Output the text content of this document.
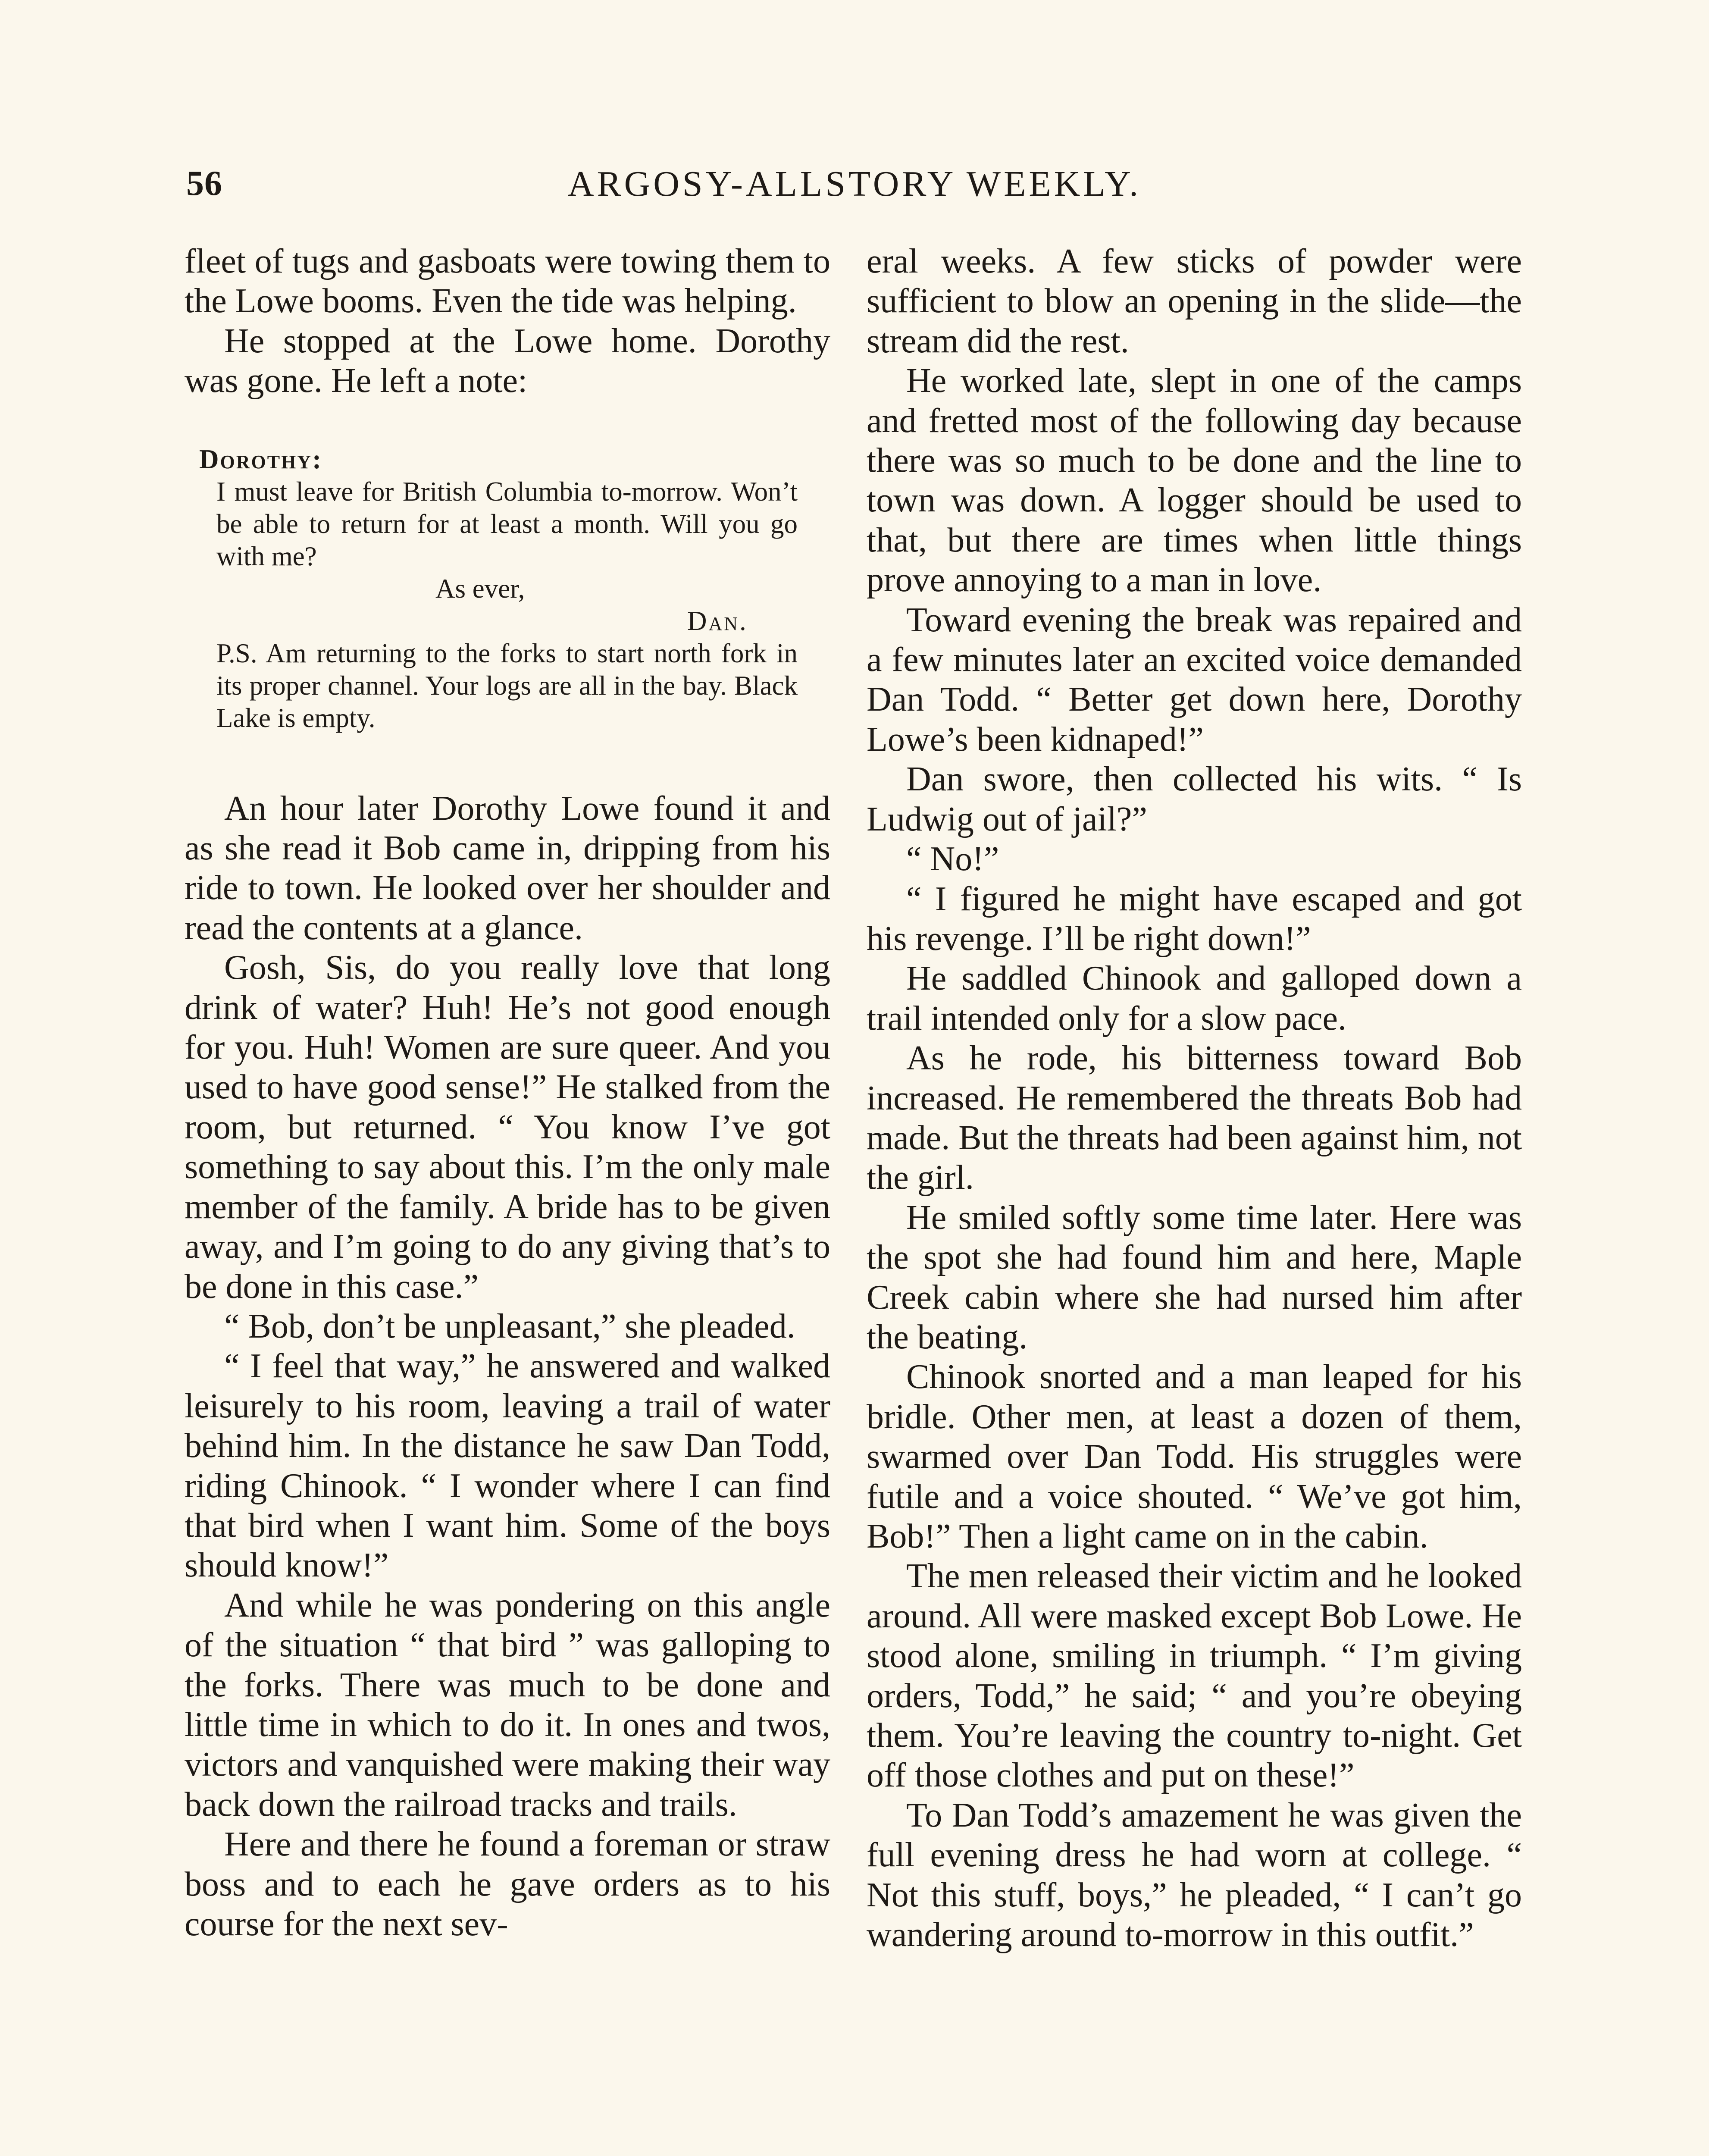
56	ARGOSY-ALLSTORY WEEKLY.

fleet of tugs and gasboats were towing them to the Lowe booms. Even the tide was helping.

He stopped at the Lowe home. Dorothy was gone. He left a note:

Dorothy:

I must leave for British Columbia to-morrow. Won’t be able to return for at least a month. Will you go with me?

As ever,

Dan.

P.S. Am returning to the forks to start north fork in its proper channel. Your logs are all in the bay. Black Lake is empty.

An hour later Dorothy Lowe found it and as she read it Bob came in, dripping from his ride to town. He looked over her shoulder and read the contents at a glance.

Gosh, Sis, do you really love that long drink of water? Huh! He’s not good enough for you. Huh! Women are sure queer. And you used to have good sense!” He stalked from the room, but returned. “ You know I’ve got something to say about this. I’m the only male member of the family. A bride has to be given away, and I’m going to do any giving that’s to be done in this case.”

“ Bob, don’t be unpleasant,” she pleaded.

“ I feel that way,” he answered and walked leisurely to his room, leaving a trail of water behind him. In the distance he saw Dan Todd, riding Chinook. “ I wonder where I can find that bird when I want him. Some of the boys should know!”

And while he was pondering on this angle of the situation “ that bird ” was galloping to the forks. There was much to be done and little time in which to do it. In ones and twos, victors and vanquished were making their way back down the railroad tracks and trails.

Here and there he found a foreman or straw boss and to each he gave orders as to his course for the next sev-

eral weeks. A few sticks of powder were sufficient to blow an opening in the slide—the stream did the rest.

He worked late, slept in one of the camps and fretted most of the following day because there was so much to be done and the line to town was down. A logger should be used to that, but there are times when little things prove annoying to a man in love.

Toward evening the break was repaired and a few minutes later an excited voice demanded Dan Todd. “ Better get down here, Dorothy Lowe’s been kidnaped!”

Dan swore, then collected his wits. “ Is Ludwig out of jail?”

“ No!”

“ I figured he might have escaped and got his revenge. I’ll be right down!”

He saddled Chinook and galloped down a trail intended only for a slow pace.

As he rode, his bitterness toward Bob increased. He remembered the threats Bob had made. But the threats had been against him, not the girl.

He smiled softly some time later. Here was the spot she had found him and here, Maple Creek cabin where she had nursed him after the beating.

Chinook snorted and a man leaped for his bridle. Other men, at least a dozen of them, swarmed over Dan Todd. His struggles were futile and a voice shouted. “ We’ve got him, Bob!” Then a light came on in the cabin.

The men released their victim and he looked around. All were masked except Bob Lowe. He stood alone, smiling in triumph. “ I’m giving orders, Todd,” he said; “ and you’re obeying them. You’re leaving the country to-night. Get off those clothes and put on these!”

To Dan Todd’s amazement he was given the full evening dress he had worn at college. “ Not this stuff, boys,” he pleaded, “ I can’t go wandering around to-morrow in this outfit.”
